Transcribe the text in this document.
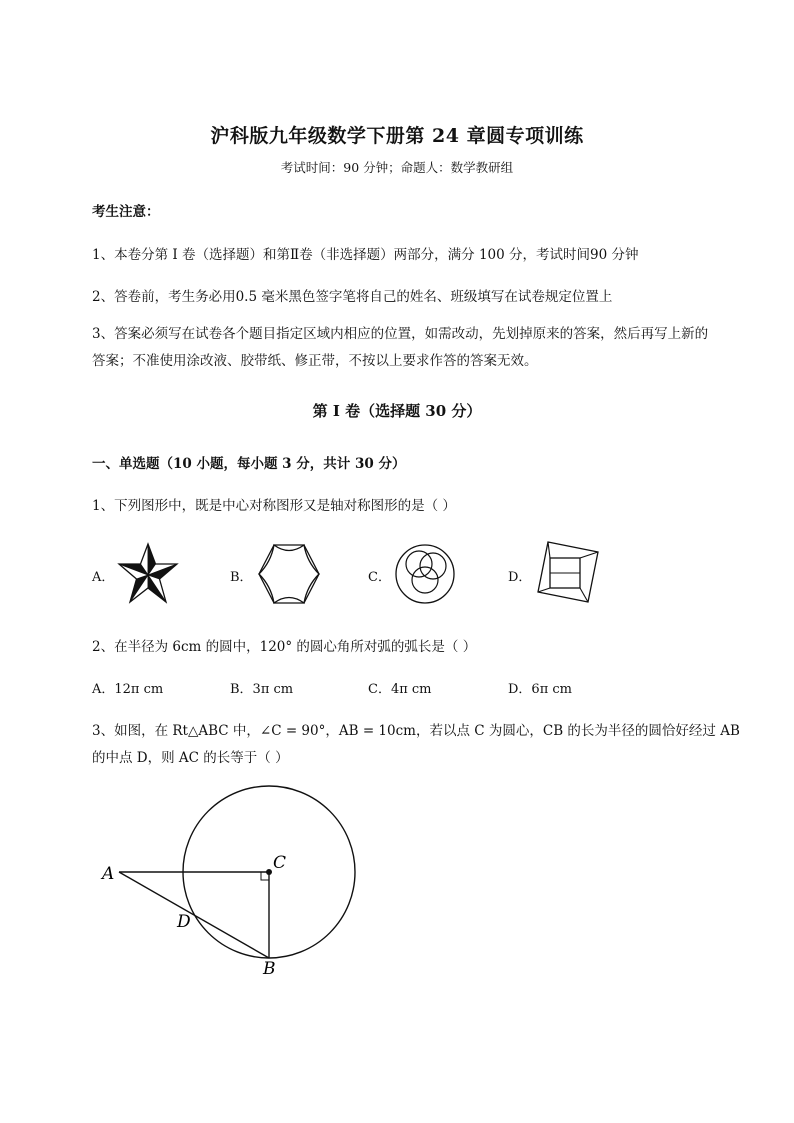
沪科版九年级数学下册第 24 章圆专项训练
考试时间：90 分钟；命题人：数学教研组
考生注意：
1、本卷分第 I 卷（选择题）和第Ⅱ卷（非选择题）两部分，满分 100 分，考试时间90 分钟
2、答卷前，考生务必用0.5 毫米黑色签字笔将自己的姓名、班级填写在试卷规定位置上
3、答案必须写在试卷各个题目指定区域内相应的位置，如需改动，先划掉原来的答案，然后再写上新的答案；不准使用涂改液、胶带纸、修正带，不按以上要求作答的答案无效。
第 I 卷（选择题 30 分）
一、单选题（10 小题，每小题 3 分，共计 30 分）
1、下列图形中，既是中心对称图形又是轴对称图形的是（ ）
A．	B．	C．	D．
2、在半径为 6cm 的圆中，120° 的圆心角所对弧的弧长是（ ）
A．12π cm	B．3π cm	C．4π cm	D．6π cm
3、如图，在 Rt△ABC 中，∠C = 90°，AB = 10cm，若以点 C 为圆心，CB 的长为半径的圆恰好经过 AB
的中点 D，则 AC 的长等于（ ）
A
C
D
B
